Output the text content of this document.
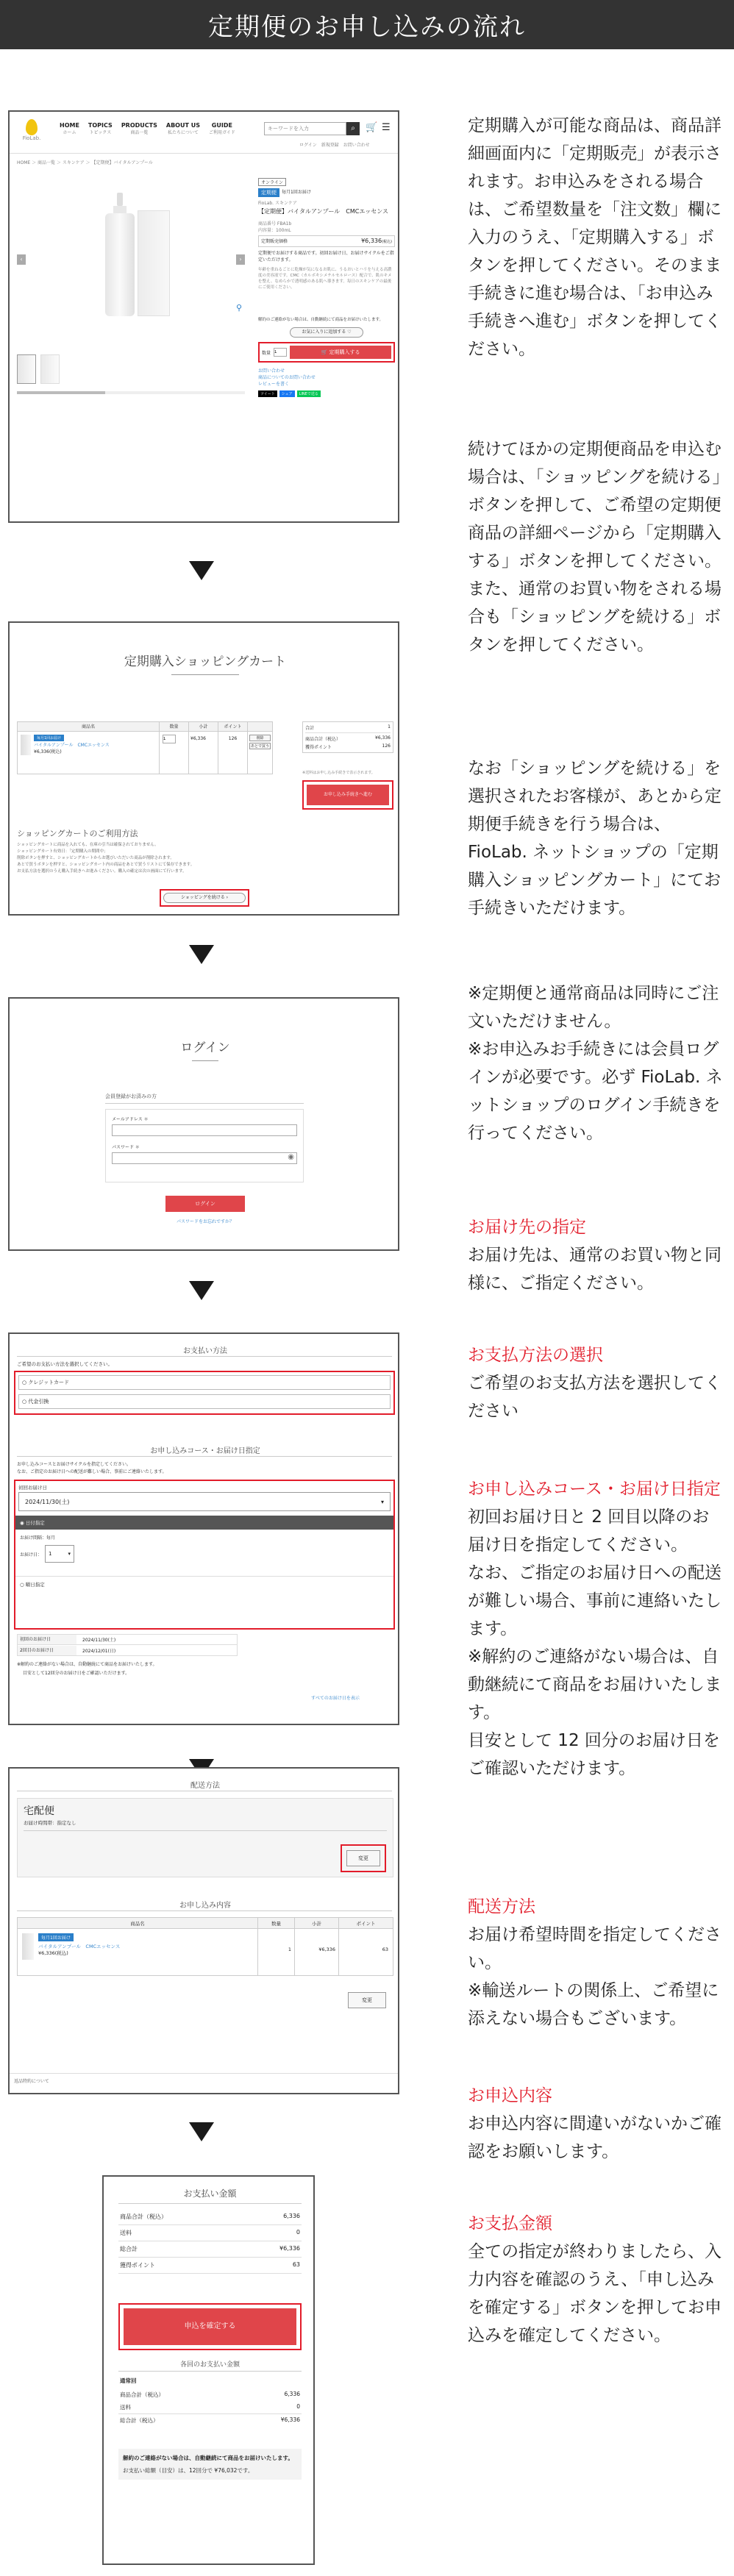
定期便のお申し込みの流れ
FioLab.
HOME
ホーム
TOPICS
トピックス
PRODUCTS
商品一覧
ABOUT US
私たちについて
GUIDE
ご利用ガイド
キーワードを入力
⌕	🛒 ☰
ログイン　新規登録　お問い合わせ
HOME ＞ 商品一覧 ＞ スキンケア ＞ 【定期便】バイタルアンプール
‹	›
⚲
オンライン
定期便	毎月1回お届け
FioLab. スキンケア
【定期便】バイタルアンプール　CMCエッセンス
商品番号 FBA1b
内容量：100mL
定期販売価格	¥6,336(税込)
定期便でお届けする商品です。初回お届け日、お届けサイクルをご指定いただけます。
年齢を重ねるごとに乾燥が気になるお肌に、うるおいとハリを与える高濃度の美容液です。CMC（カルボキシメチルセルロース）配合で、肌のキメを整え、なめらかで透明感のある肌へ導きます。毎日のスキンケアの最後にご使用ください。
解約のご連絡がない場合は、自動継続にて商品をお届けいたします。
お気に入りに追加する ♡
数量
1	🛒 定期購入する
お問い合わせ
商品についてのお問い合わせ
レビューを書く
ツイート	シェア	LINEで送る
定期購入ショッピングカート
商品名	数量	小計	ポイント
毎月1回お届け
バイタルアンプール　CMCエッセンス
¥6,336(税込)
1
¥6,336	126	削除
あとで買う
合計	1
商品合計（税込）	¥6,336
獲得ポイント	126
※送料はお申し込み手続きで表示されます。
お申し込み手続きへ進む
ショッピングカートのご利用方法
ショッピングカートに商品を入れても、在庫の引当は確保されておりません。
ショッピングカート有効日：「定期購入の期間中」
削除ボタンを押すと、ショッピングカートからお選びいただいた商品が削除されます。
あとで買うボタンを押すと、ショッピングカート内の商品をあとで買うリストにて保存できます。
お支払方法を選択のうえ購入手続きへお進みください。購入の確定は次の画面にて行います。
ショッピングを続ける ›
ログイン
会員登録がお済みの方
メールアドレス ＊
パスワード ＊
◉
ログイン
パスワードをお忘れですか？
お支払い方法
ご希望のお支払い方法を選択してください。
○ クレジットカード
○ 代金引換
お申し込みコース・お届け日指定
お申し込みコースとお届けサイクルを指定してください。
なお、ご指定のお届け日への配送が難しい場合、事前にご連絡いたします。
初回お届け日
2024/11/30(土)	▾
◉ 日付指定
お届け間隔：毎月
お届け日： 1	▾
○ 曜日指定
初回のお届け日	2024/11/30(土)
2回目のお届け日	2024/12/01(日)
※解約のご連絡がない場合は、自動継続にて商品をお届けいたします。
目安として12回分のお届け日をご確認いただけます。
すべてのお届け日を表示
配送方法
宅配便
お届け時間帯：指定なし
変更
お申し込み内容
商品名	数量	小計	ポイント
毎月1回お届け
バイタルアンプール　CMCエッセンス
¥6,336(税込)
1	¥6,336	63
変更
返品特約について
お支払い金額
商品合計（税込）	6,336
送料	0
総合計	¥6,336
獲得ポイント	63
申込を確定する
各回のお支払い金額
通常回
商品合計（税込）	6,336
送料	0
総合計（税込）	¥6,336
解約のご連絡がない場合は、自動継続にて商品をお届けいたします。
お支払い総額（目安）は、12回分で ¥76,032です。

定期購入が可能な商品は、商品詳細画面内に「定期販売」が表示されます。お申込みをされる場合は、ご希望数量を「注文数」欄に入力のうえ、「定期購入する」ボタンを押してください。そのまま手続きに進む場合は、「お申込み手続きへ進む」ボタンを押してください。

続けてほかの定期便商品を申込む場合は、「ショッピングを続ける」ボタンを押して、ご希望の定期便商品の詳細ページから「定期購入する」ボタンを押してください。

また、通常のお買い物をされる場合も「ショッピングを続ける」ボタンを押してください。

なお「ショッピングを続ける」を選択されたお客様が、あとから定期便手続きを行う場合は、FioLab. ネットショップの「定期購入ショッピングカート」にてお手続きいただけます。

※定期便と通常商品は同時にご注文いただけません。

※お申込みお手続きには会員ログインが必要です。必ず FioLab. ネットショップのログイン手続きを行ってください。

お届け先の指定

お届け先は、通常のお買い物と同様に、ご指定ください。

お支払方法の選択

ご希望のお支払方法を選択してください

お申し込みコース・お届け日指定

初回お届け日と 2 回目以降のお届け日を指定してください。

なお、ご指定のお届け日への配送が難しい場合、事前に連絡いたします。

※解約のご連絡がない場合は、自動継続にて商品をお届けいたします。

目安として 12 回分のお届け日をご確認いただけます。

配送方法

お届け希望時間を指定してください。

※輸送ルートの関係上、ご希望に添えない場合もございます。

お申込内容

お申込内容に間違いがないかご確認をお願いします。

お支払金額

全ての指定が終わりましたら、入力内容を確認のうえ、「申し込みを確定する」ボタンを押してお申込みを確定してください。
